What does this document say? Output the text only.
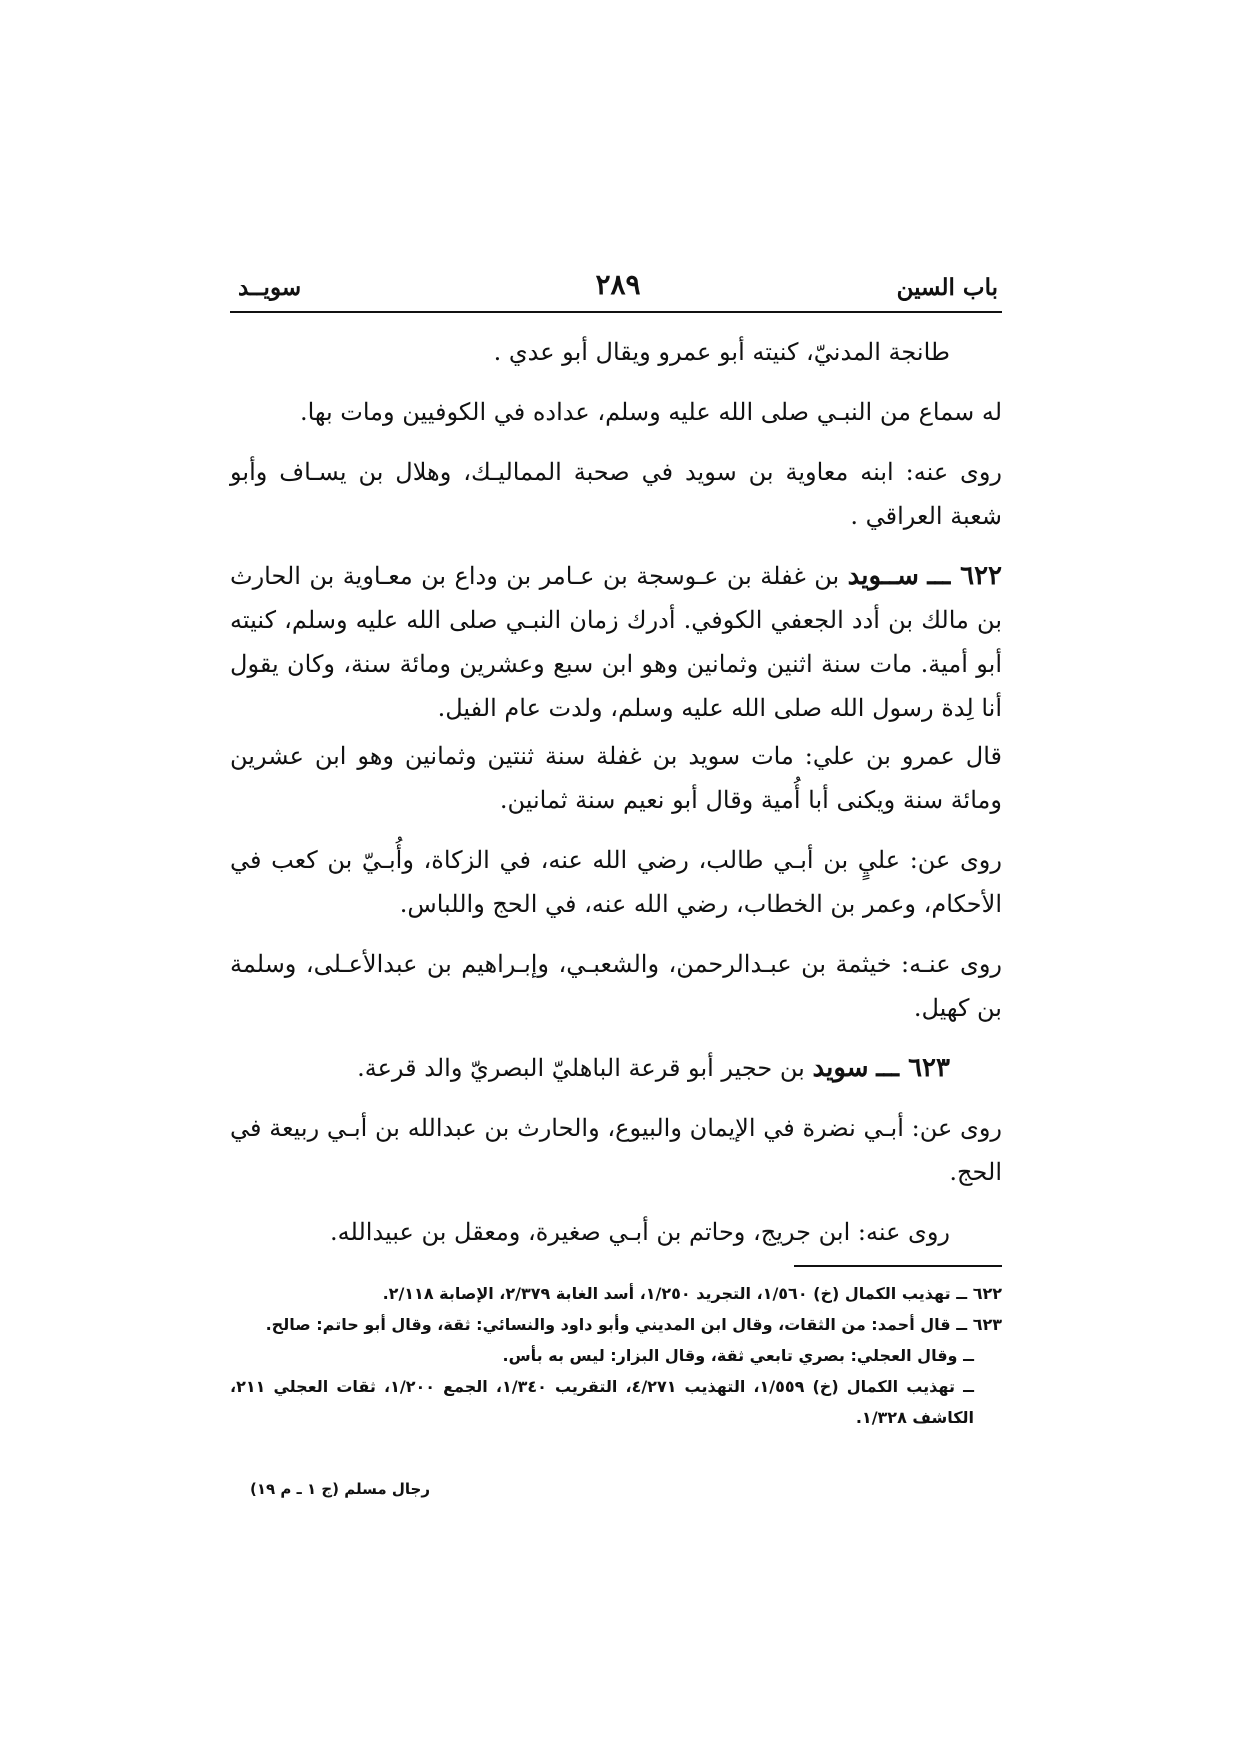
باب السين
٢٨٩
سويــد

طانجة المدنيّ، كنيته أبو عمرو ويقال أبو عدي .

له سماع من النبـي صلى الله عليه وسلم، عداده في الكوفيين ومات بها.

روى عنه: ابنه معاوية بن سويد في صحبة المماليـك، وهلال بن يسـاف وأبو شعبة العراقي .

٦٢٢ ـــ ســويد بن غفلة بن عـوسجة بن عـامر بن وداع بن معـاوية بن الحارث بن مالك بن أدد الجعفي الكوفي. أدرك زمان النبـي صلى الله عليه وسلم، كنيته أبو أمية. مات سنة اثنين وثمانين وهو ابن سبع وعشرين ومائة سنة، وكان يقول أنا لِدة رسول الله صلى الله عليه وسلم، ولدت عام الفيل.

قال عمرو بن علي: مات سويد بن غفلة سنة ثنتين وثمانين وهو ابن عشرين ومائة سنة ويكنى أبا أُمية وقال أبو نعيم سنة ثمانين.

روى عن: عليٍ بن أبـي طالب، رضي الله عنه، في الزكاة، وأُبـيّ بن كعب في الأحكام، وعمر بن الخطاب، رضي الله عنه، في الحج واللباس.

روى عنـه: خيثمة بن عبـدالرحمن، والشعبـي، وإبـراهيم بن عبدالأعـلى، وسلمة بن كهيل.

٦٢٣ ـــ سويد بن حجير أبو قرعة الباهليّ البصريّ والد قرعة.

روى عن: أبـي نضرة في الإيمان والبيوع، والحارث بن عبدالله بن أبـي ربيعة في الحج.

روى عنه: ابن جريج، وحاتم بن أبـي صغيرة، ومعقل بن عبيدالله.

٦٢٢ ــ تهذيب الكمال (خ) ١/٥٦٠، التجريد ١/٢٥٠، أسد الغابة ٢/٣٧٩، الإصابة ٢/١١٨.

٦٢٣ ــ قال أحمد: من الثقات، وقال ابن المديني وأبو داود والنسائي: ثقة، وقال أبو حاتم: صالح.

ــ وقال العجلي: بصري تابعي ثقة، وقال البزار: ليس به بأس.

ــ تهذيب الكمال (خ) ١/٥٥٩، التهذيب ٤/٢٧١، التقريب ١/٣٤٠، الجمع ١/٢٠٠، ثقات العجلي ٢١١، الكاشف ١/٣٢٨.

رجال مسلم (ج ١ ـ م ١٩)
